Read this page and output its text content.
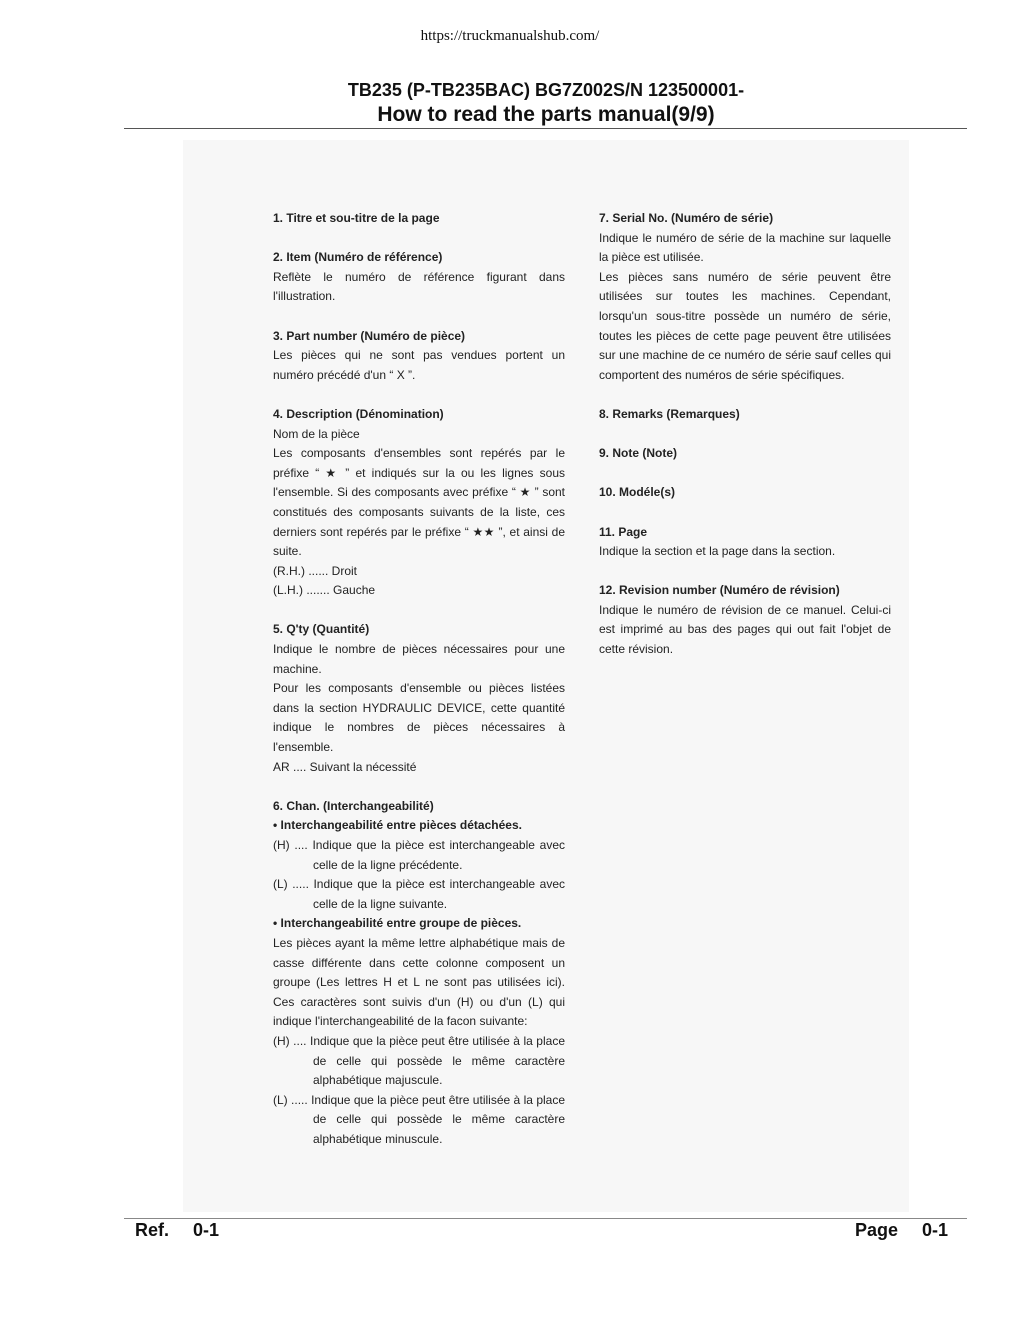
https://truckmanualshub.com/
TB235 (P-TB235BAC) BG7Z002S/N 123500001-
How to read the parts manual(9/9)
1. Titre et sou-titre de la page
2. Item (Numéro de référence)
Reflète le numéro de référence figurant dans l'illustration.
3. Part number (Numéro de pièce)
Les pièces qui ne sont pas vendues portent un numéro précédé d'un “ X ”.
4. Description (Dénomination)
Nom de la pièce
Les composants d'ensembles sont repérés par le préfixe “ ★ ” et indiqués sur la ou les lignes sous l'ensemble. Si des composants avec préfixe “ ★ ” sont constitués des composants suivants de la liste, ces derniers sont repérés par le préfixe “ ★★ ”, et ainsi de suite.
(R.H.) ...... Droit
(L.H.) ....... Gauche
5. Q'ty (Quantité)
Indique le nombre de pièces nécessaires pour une machine.
Pour les composants d'ensemble ou pièces listées dans la section HYDRAULIC DEVICE, cette quantité indique le nombres de pièces nécessaires à l'ensemble.
AR .... Suivant la nécessité
6. Chan. (Interchangeabilité)
• Interchangeabilité entre pièces détachées.
(H) .... Indique que la pièce est interchangeable avec celle de la ligne précédente.
(L) ..... Indique que la pièce est interchangeable avec celle de la ligne suivante.
• Interchangeabilité entre groupe de pièces.
Les pièces ayant la même lettre alphabétique mais de casse différente dans cette colonne composent un groupe (Les lettres H et L ne sont pas utilisées ici). Ces caractères sont suivis d'un (H) ou d'un (L) qui indique l'interchangeabilité de la facon suivante:
(H) .... Indique que la pièce peut être utilisée à la place de celle qui possède le même caractère alphabétique majuscule.
(L) ..... Indique que la pièce peut être utilisée à la place de celle qui possède le même caractère alphabétique minuscule.
7. Serial No. (Numéro de série)
Indique le numéro de série de la machine sur laquelle la pièce est utilisée.
Les pièces sans numéro de série peuvent être utilisées sur toutes les machines. Cependant, lorsqu'un sous-titre possède un numéro de série, toutes les pièces de cette page peuvent être utilisées sur une machine de ce numéro de série sauf celles qui comportent des numéros de série spécifiques.
8. Remarks (Remarques)
9. Note (Note)
10. Modéle(s)
11. Page
Indique la section et la page dans la section.
12. Revision number (Numéro de révision)
Indique le numéro de révision de ce manuel. Celui-ci est imprimé au bas des pages qui out fait l'objet de cette révision.
Ref. 0-1	Page 0-1
